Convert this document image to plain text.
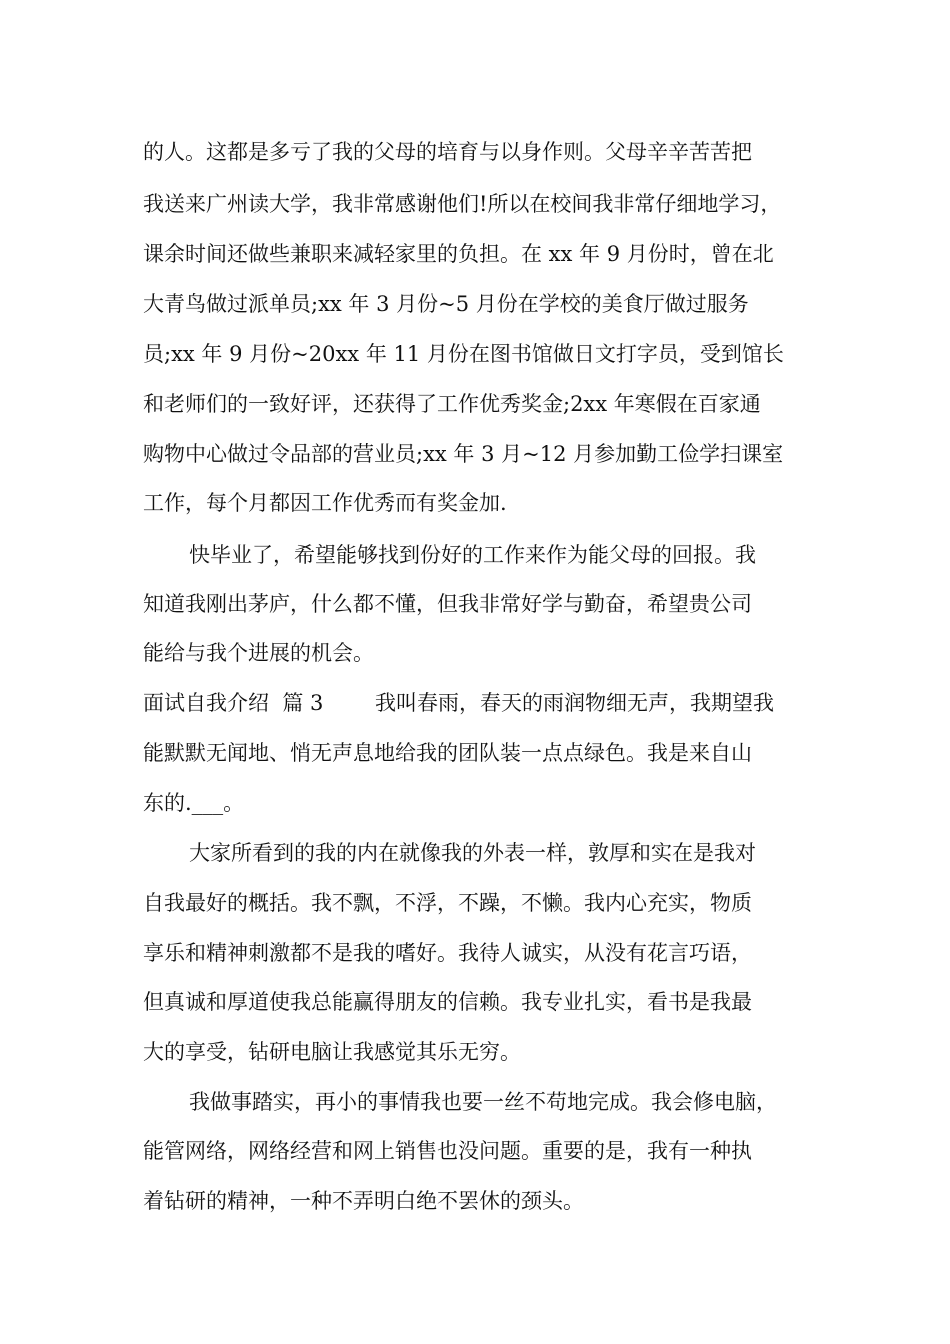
的人。这都是多亏了我的父母的培育与以身作则。父母辛辛苦苦把
我送来广州读大学，我非常感谢他们!所以在校间我非常仔细地学习，
课余时间还做些兼职来减轻家里的负担。在 xx 年 9 月份时，曾在北
大青鸟做过派单员;xx 年 3 月份~5 月份在学校的美食厅做过服务
员;xx 年 9 月份~20xx 年 11 月份在图书馆做日文打字员，受到馆长
和老师们的一致好评，还获得了工作优秀奖金;2xx 年寒假在百家通
购物中心做过令品部的营业员;xx 年 3 月~12 月参加勤工俭学扫课室
工作，每个月都因工作优秀而有奖金加.
快毕业了，希望能够找到份好的工作来作为能父母的回报。我
知道我刚出茅庐，什么都不懂，但我非常好学与勤奋，希望贵公司
能给与我个进展的机会。

面试自我介绍  篇 3

我叫春雨，春天的雨润物细无声，我期望我

能默默无闻地、悄无声息地给我的团队装一点点绿色。我是来自山
东的.___。
大家所看到的我的内在就像我的外表一样，敦厚和实在是我对
自我最好的概括。我不飘，不浮，不躁，不懒。我内心充实，物质
享乐和精神刺激都不是我的嗜好。我待人诚实，从没有花言巧语，
但真诚和厚道使我总能赢得朋友的信赖。我专业扎实，看书是我最
大的享受，钻研电脑让我感觉其乐无穷。
我做事踏实，再小的事情我也要一丝不苟地完成。我会修电脑，
能管网络，网络经营和网上销售也没问题。重要的是，我有一种执
着钻研的精神，一种不弄明白绝不罢休的颈头。
